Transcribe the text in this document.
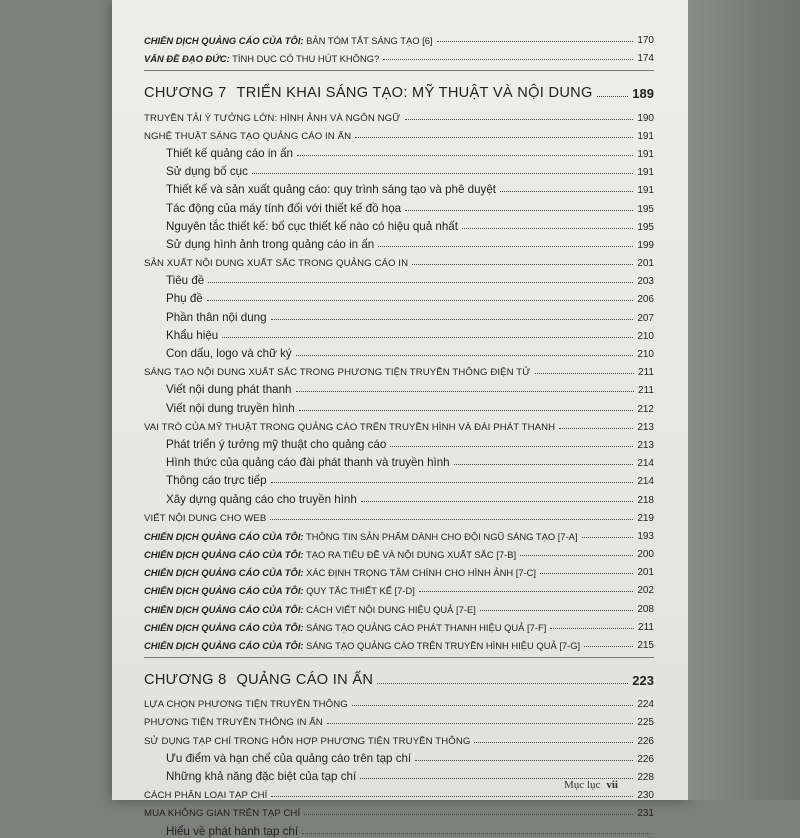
CHIẾN DỊCH QUẢNG CÁO CỦA TÔI: BẢN TÓM TẮT SÁNG TẠO [6]	170
VẤN ĐỀ ĐẠO ĐỨC: TÌNH DỤC CÓ THU HÚT KHÔNG?	174
CHƯƠNG 7 TRIỂN KHAI SÁNG TẠO: MỸ THUẬT VÀ NỘI DUNG	189
TRUYỀN TẢI Ý TƯỞNG LỚN: HÌNH ẢNH VÀ NGÔN NGỮ	190
NGHỆ THUẬT SÁNG TẠO QUẢNG CÁO IN ẤN	191
Thiết kế quảng cáo in ấn	191
Sử dụng bố cục	191
Thiết kế và sản xuất quảng cáo: quy trình sáng tạo và phê duyệt	191
Tác động của máy tính đối với thiết kế đồ họa	195
Nguyên tắc thiết kế: bố cục thiết kế nào có hiệu quả nhất	195
Sử dụng hình ảnh trong quảng cáo in ấn	199
SẢN XUẤT NỘI DUNG XUẤT SẮC TRONG QUẢNG CÁO IN	201
Tiêu đề	203
Phụ đề	206
Phần thân nội dung	207
Khẩu hiệu	210
Con dấu, logo và chữ ký	210
SÁNG TẠO NỘI DUNG XUẤT SẮC TRONG PHƯƠNG TIỆN TRUYỀN THÔNG ĐIỆN TỬ	211
Viết nội dung phát thanh	211
Viết nội dung truyền hình	212
VAI TRÒ CỦA MỸ THUẬT TRONG QUẢNG CÁO TRÊN TRUYỀN HÌNH VÀ ĐÀI PHÁT THANH	213
Phát triển ý tưởng mỹ thuật cho quảng cáo	213
Hình thức của quảng cáo đài phát thanh và truyền hình	214
Thông cáo trực tiếp	214
Xây dựng quảng cáo cho truyền hình	218
VIẾT NỘI DUNG CHO WEB	219
CHIẾN DỊCH QUẢNG CÁO CỦA TÔI: THÔNG TIN SẢN PHẨM DÀNH CHO ĐỘI NGŨ SÁNG TẠO [7-A]	193
CHIẾN DỊCH QUẢNG CÁO CỦA TÔI: TẠO RA TIÊU ĐỀ VÀ NỘI DUNG XUẤT SẮC [7-B]	200
CHIẾN DỊCH QUẢNG CÁO CỦA TÔI: XÁC ĐỊNH TRỌNG TÂM CHÍNH CHO HÌNH ẢNH [7-C]	201
CHIẾN DỊCH QUẢNG CÁO CỦA TÔI: QUY TẮC THIẾT KẾ [7-D]	202
CHIẾN DỊCH QUẢNG CÁO CỦA TÔI: CÁCH VIẾT NỘI DUNG HIỆU QUẢ [7-E]	208
CHIẾN DỊCH QUẢNG CÁO CỦA TÔI: SÁNG TẠO QUẢNG CÁO PHÁT THANH HIỆU QUẢ [7-F]	211
CHIẾN DỊCH QUẢNG CÁO CỦA TÔI: SÁNG TẠO QUẢNG CÁO TRÊN TRUYỀN HÌNH HIỆU QUẢ [7-G]	215
CHƯƠNG 8 QUẢNG CÁO IN ẤN	223
LỰA CHỌN PHƯƠNG TIỆN TRUYỀN THÔNG	224
PHƯƠNG TIỆN TRUYỀN THÔNG IN ẤN	225
SỬ DỤNG TẠP CHÍ TRONG HỖN HỢP PHƯƠNG TIỆN TRUYỀN THÔNG	226
Ưu điểm và hạn chế của quảng cáo trên tạp chí	226
Những khả năng đặc biệt của tạp chí	228
CÁCH PHÂN LOẠI TẠP CHÍ	230
MUA KHÔNG GIAN TRÊN TẠP CHÍ	231
Hiểu về phát hành tạp chí
Mục lục vii
